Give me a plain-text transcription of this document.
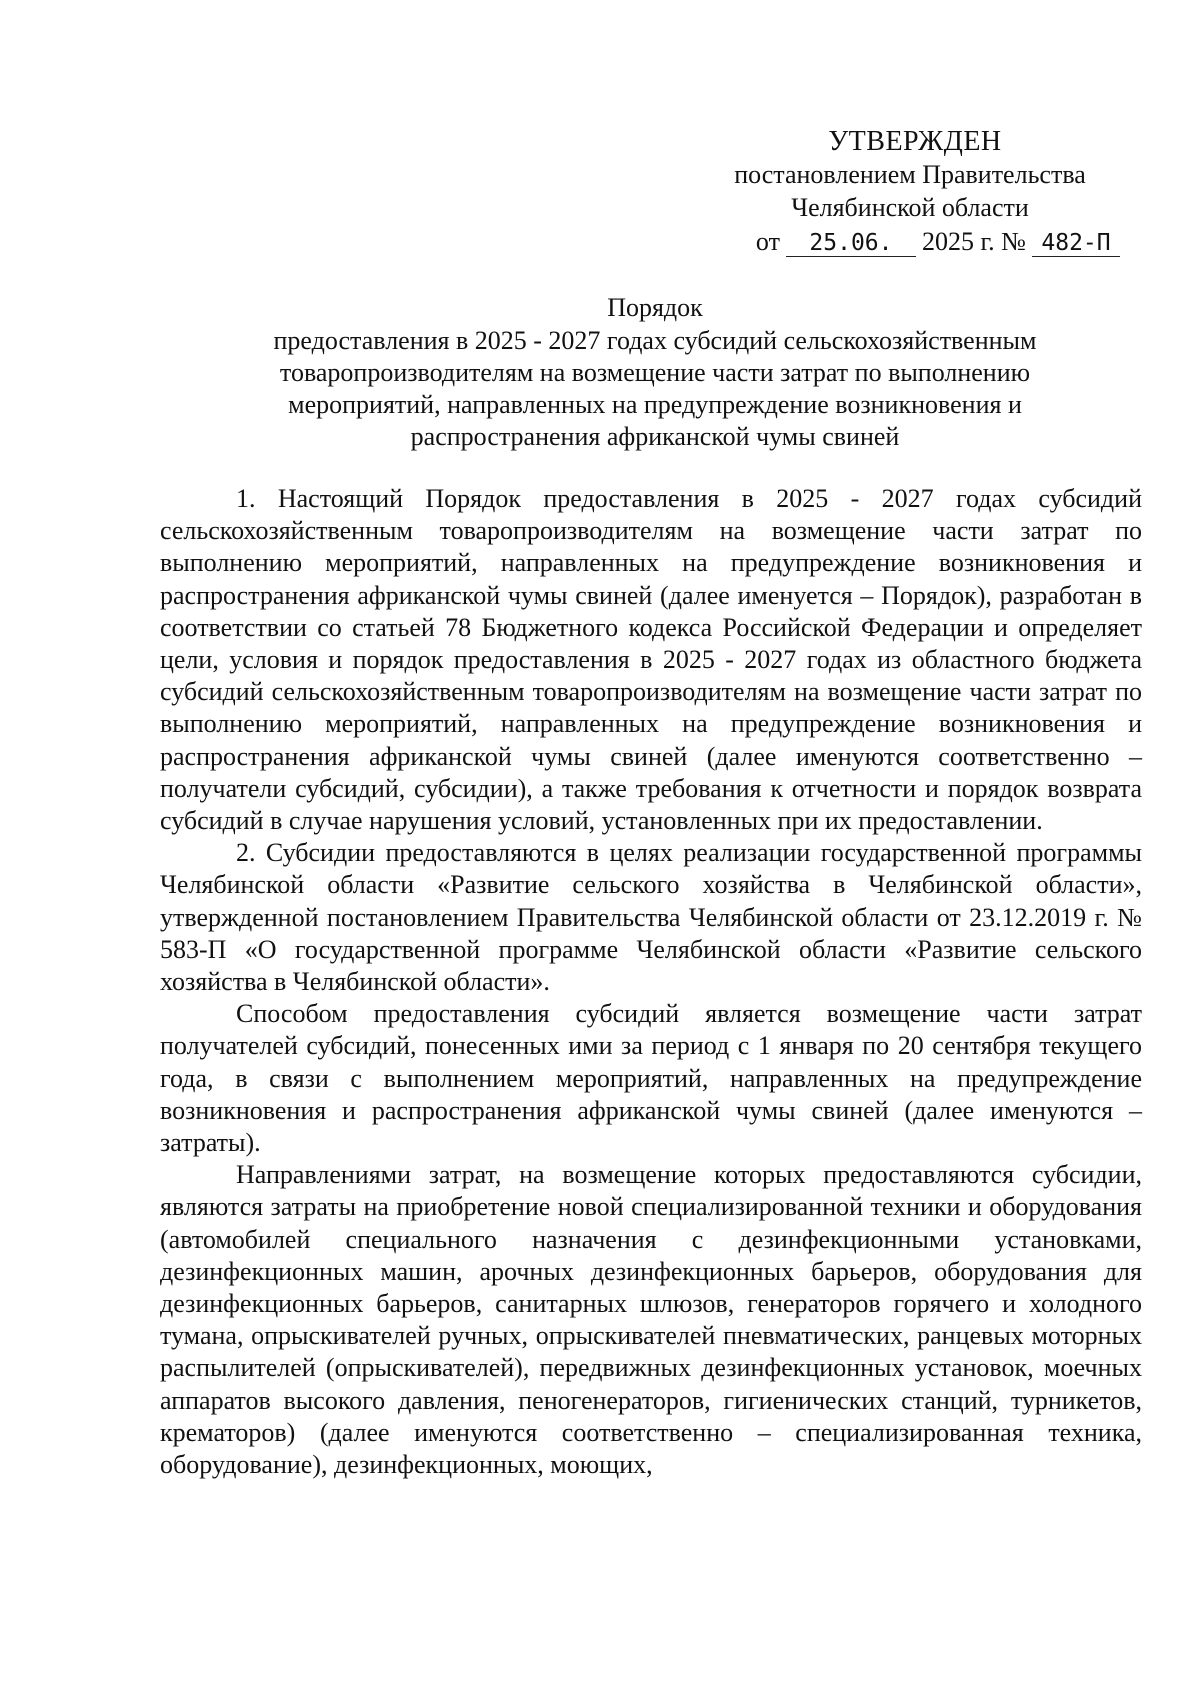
УТВЕРЖДЕН
постановлением Правительства
Челябинской области
от 25.06. 2025 г. № 482-П
Порядок
предоставления в 2025 - 2027 годах субсидий сельскохозяйственным
товаропроизводителям на возмещение части затрат по выполнению
мероприятий, направленных на предупреждение возникновения и
распространения африканской чумы свиней

1. Настоящий Порядок предоставления в 2025 - 2027 годах субсидий сельскохозяйственным товаропроизводителям на возмещение части затрат по выполнению мероприятий, направленных на предупреждение возникновения и распространения африканской чумы свиней (далее именуется – Порядок), разработан в соответствии со статьей 78 Бюджетного кодекса Российской Федерации и определяет цели, условия и порядок предоставления в 2025 - 2027 годах из областного бюджета субсидий сельскохозяйственным товаропроизводителям на возмещение части затрат по выполнению мероприятий, направленных на предупреждение возникновения и распространения африканской чумы свиней (далее именуются соответственно – получатели субсидий, субсидии), а также требования к отчетности и порядок возврата субсидий в случае нарушения условий, установленных при их предоставлении.

2. Субсидии предоставляются в целях реализации государственной программы Челябинской области «Развитие сельского хозяйства в Челябинской области», утвержденной постановлением Правительства Челябинской области от 23.12.2019 г. № 583-П «О государственной программе Челябинской области «Развитие сельского хозяйства в Челябинской области».

Способом предоставления субсидий является возмещение части затрат получателей субсидий, понесенных ими за период с 1 января по 20 сентября текущего года, в связи с выполнением мероприятий, направленных на предупреждение возникновения и распространения африканской чумы свиней (далее именуются – затраты).

Направлениями затрат, на возмещение которых предоставляются субсидии, являются затраты на приобретение новой специализированной техники и оборудования (автомобилей специального назначения с дезинфекционными установками, дезинфекционных машин, арочных дезинфекционных барьеров, оборудования для дезинфекционных барьеров, санитарных шлюзов, генераторов горячего и холодного тумана, опрыскивателей ручных, опрыскивателей пневматических, ранцевых моторных распылителей (опрыскивателей), передвижных дезинфекционных установок, моечных аппаратов высокого давления, пеногенераторов, гигиенических станций, турникетов, крематоров) (далее именуются соответственно – специализированная техника, оборудование), дезинфекционных, моющих,
